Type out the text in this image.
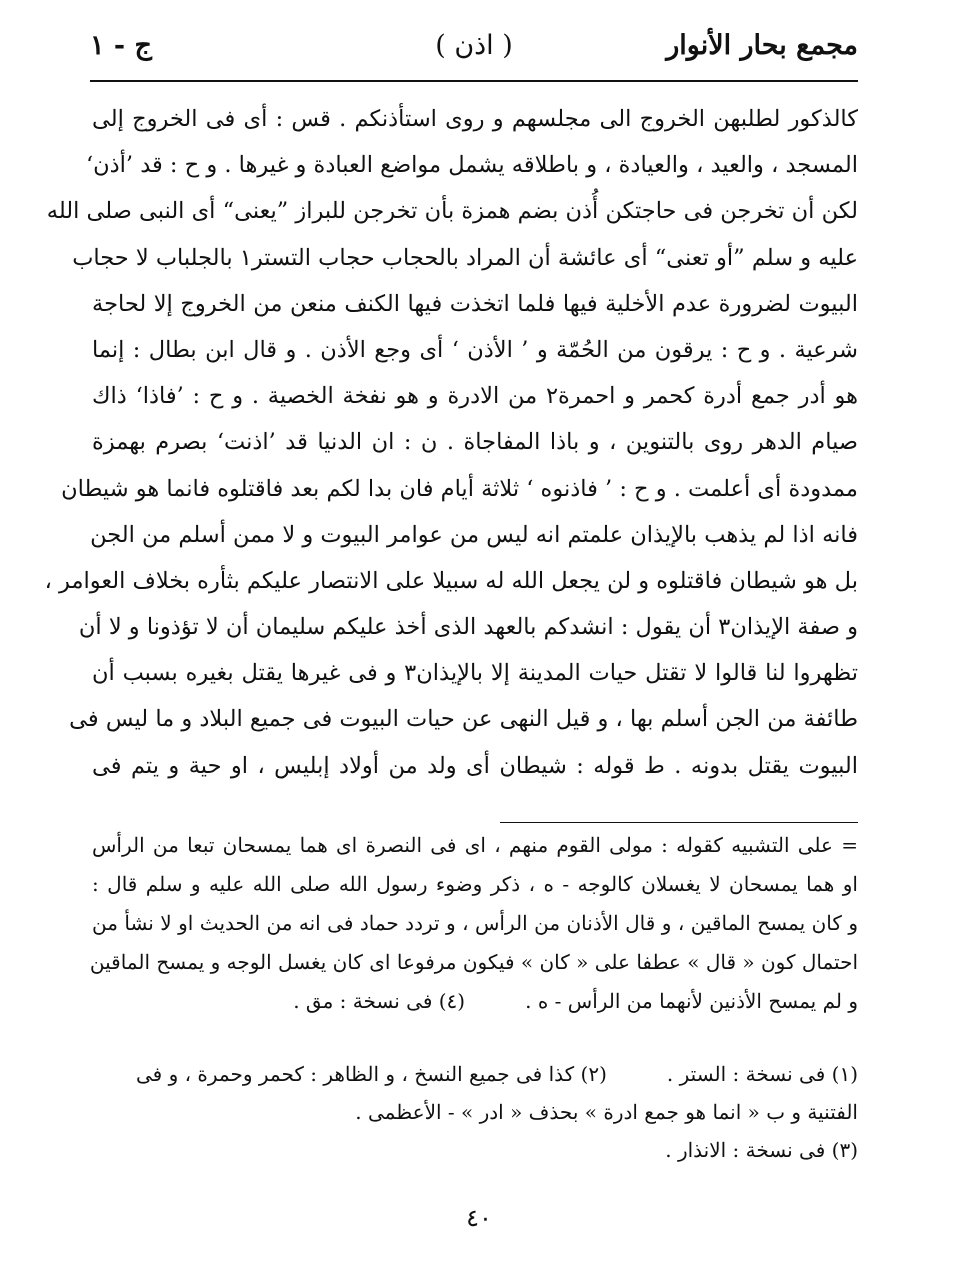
مجمع بحار الأنوار
( اذن )
ج - ١
كالذكور لطلبهن الخروج الى مجلسهم و روى استأذنكم . قس : أى فى الخروج إلى
المسجد ، والعيد ، والعيادة ، و باطلاقه يشمل مواضع العبادة و غيرها . و ح : قد ’أذن‘
لكن أن تخرجن فى حاجتكن أُذن بضم همزة بأن تخرجن للبراز ”يعنى“ أى النبى صلى الله
عليه و سلم ”أو تعنى“ أى عائشة أن المراد بالحجاب حجاب التستر١ بالجلباب لا حجاب
البيوت لضرورة عدم الأخلية فيها فلما اتخذت فيها الكنف منعن من الخروج إلا لحاجة
شرعية . و ح : يرقون من الحُمّة و ’ الأذن ‘ أى وجع الأذن . و قال ابن بطال : إنما
هو أدر جمع أدرة كحمر و احمرة٢ من الادرة و هو نفخة الخصية . و ح : ’فاذا‘ ذاك
صيام الدهر روى بالتنوين ، و باذا المفاجاة . ن : ان الدنيا قد ’اذنت‘ بصرم بهمزة
ممدودة أى أعلمت . و ح : ’ فاذنوه ‘ ثلاثة أيام فان بدا لكم بعد فاقتلوه فانما هو شيطان
فانه اذا لم يذهب بالإيذان علمتم انه ليس من عوامر البيوت و لا ممن أسلم من الجن
بل هو شيطان فاقتلوه و لن يجعل الله له سبيلا على الانتصار عليكم بثأره بخلاف العوامر ،
و صفة الإيذان٣ أن يقول : انشدكم بالعهد الذى أخذ عليكم سليمان أن لا تؤذونا و لا أن
تظهروا لنا قالوا لا تقتل حيات المدينة إلا بالإيذان٣ و فى غيرها يقتل بغيره بسبب أن
طائفة من الجن أسلم بها ، و قيل النهى عن حيات البيوت فى جميع البلاد و ما ليس فى
البيوت يقتل بدونه . ط قوله : شيطان أى ولد من أولاد إبليس ، او حية و يتم فى
= على التشبيه كقوله : مولى القوم منهم ، اى فى النصرة اى هما يمسحان تبعا من الرأس
او هما يمسحان لا يغسلان كالوجه - ه ، ذكر وضوء رسول الله صلى الله عليه و سلم قال :
و كان يمسح الماقين ، و قال الأذنان من الرأس ، و تردد حماد فى انه من الحديث او لا نشأ من
احتمال كون « قال » عطفا على « كان » فيكون مرفوعا اى كان يغسل الوجه و يمسح الماقين
و لم يمسح الأذنين لأنهما من الرأس - ه .(٤) فى نسخة : مق .
(١) فى نسخة : الستر .(٢) كذا فى جميع النسخ ، و الظاهر : كحمر وحمرة ، و فى
الفتنية و ب « انما هو جمع ادرة » بحذف « ادر » - الأعظمى .
(٣) فى نسخة : الانذار .
٤٠
